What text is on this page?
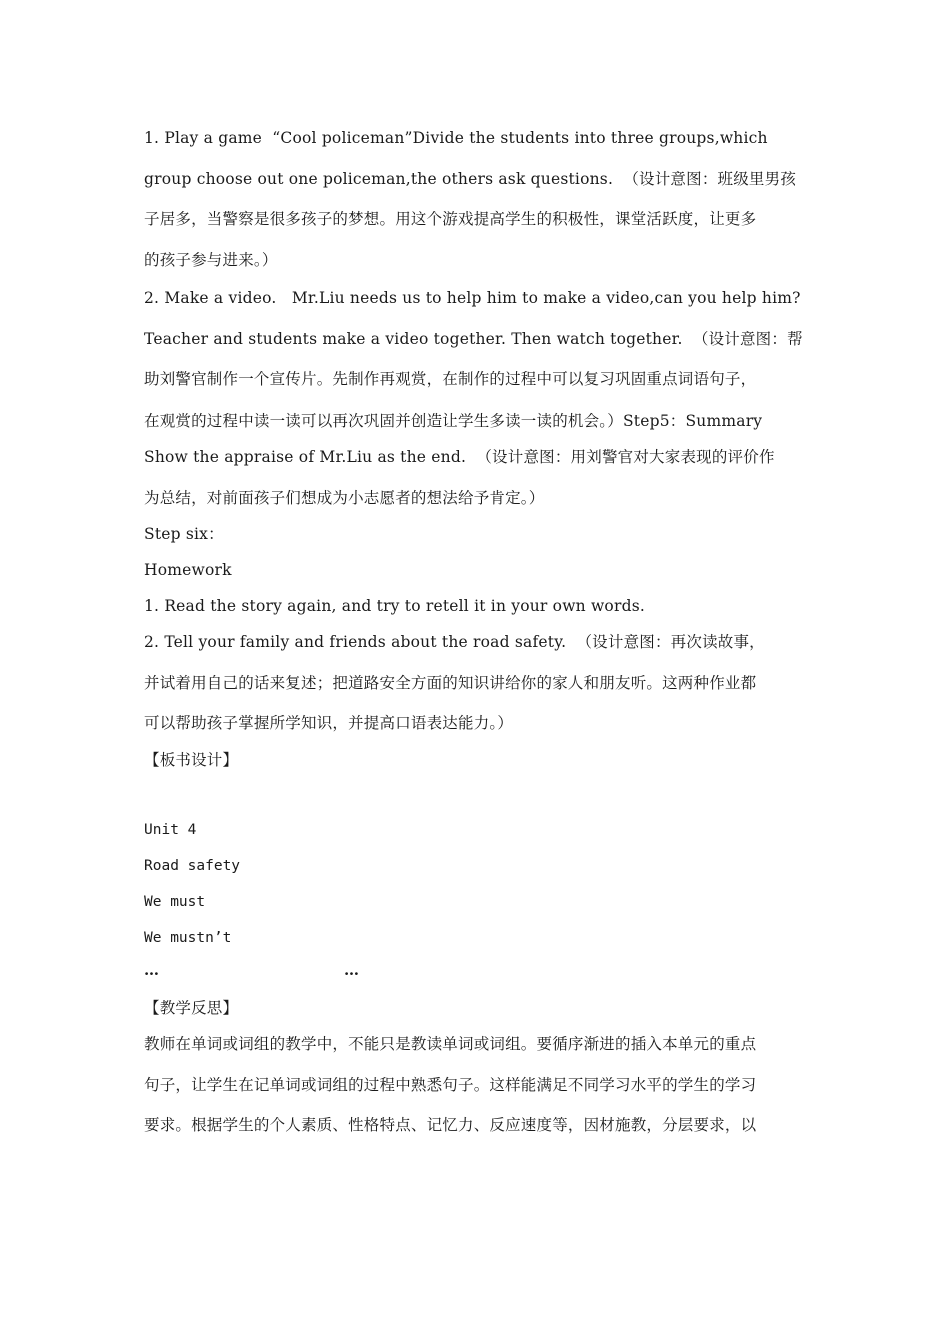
1. Play a game  “Cool policeman”Divide the students into three groups,which
group choose out one policeman,the others ask questions.  （设计意图：班级里男孩
子居多，当警察是很多孩子的梦想。用这个游戏提高学生的积极性，课堂活跃度，让更多
的孩子参与进来。）
2. Make a video.   Mr.Liu needs us to help him to make a video,can you help him?
Teacher and students make a video together. Then watch together.  （设计意图：帮
助刘警官制作一个宣传片。先制作再观赏，在制作的过程中可以复习巩固重点词语句子，
在观赏的过程中读一读可以再次巩固并创造让学生多读一读的机会。）Step5：Summary
Show the appraise of Mr.Liu as the end.  （设计意图：用刘警官对大家表现的评价作
为总结，对前面孩子们想成为小志愿者的想法给予肯定。）
Step six：
Homework
1. Read the story again, and try to retell it in your own words.
2. Tell your family and friends about the road safety.  （设计意图：再次读故事，
并试着用自己的话来复述；把道路安全方面的知识讲给你的家人和朋友听。这两种作业都
可以帮助孩子掌握所学知识，并提高口语表达能力。）
【板书设计】
Unit 4
Road safety
We must
We mustn’t
…	…
【教学反思】
教师在单词或词组的教学中，不能只是教读单词或词组。要循序渐进的插入本单元的重点
句子，让学生在记单词或词组的过程中熟悉句子。这样能满足不同学习水平的学生的学习
要求。根据学生的个人素质、性格特点、记忆力、反应速度等，因材施教，分层要求，以
